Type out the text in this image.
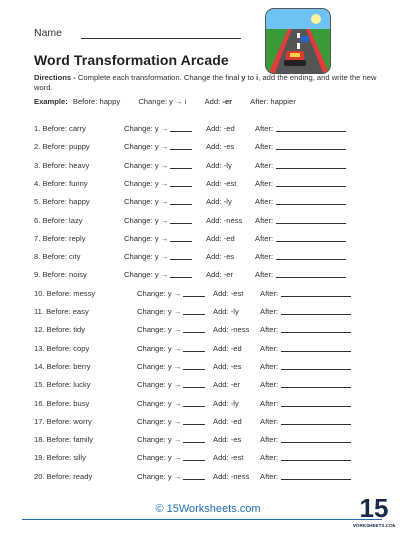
Name
Word Transformation Arcade
Directions - Complete each transformation. Change the final y to i, add the ending, and write the new word.
Example: Before: happy Change: y → i Add: -er After: happier
1. Before: carry	Change: y →	Add: -ed	After:
2. Before: puppy	Change: y →	Add: -es	After:
3. Before: heavy	Change: y →	Add: -ly	After:
4. Before: funny	Change: y →	Add: -est After:
5. Before: happy	Change: y →	Add: -ly	After:
6. Before: lazy	Change: y →	Add: -ness After:
7. Before: reply	Change: y →	Add: -ed	After:
8. Before: city	Change: y →	Add: -es	After:
9. Before: noisy	Change: y →	Add: -er	After:
10. Before: messy	Change: y →	Add: -est After:
11. Before: easy	Change: y →	Add: -ly	After:
12. Before: tidy	Change: y →	Add: -ness After:
13. Before: copy	Change: y →	Add: -ed After:
14. Before: berry	Change: y →	Add: -es After:
15. Before: lucky	Change: y →	Add: -er	After:
16. Before: busy	Change: y →	Add: -ly	After:
17. Before: worry	Change: y →	Add: -ed After:
18. Before: family	Change: y →	Add: -es After:
19. Before: silly	Change: y →	Add: -est After:
20. Before: ready	Change: y →	Add: -ness After:
© 15Worksheets.com	15
WORKSHEETS.COM
